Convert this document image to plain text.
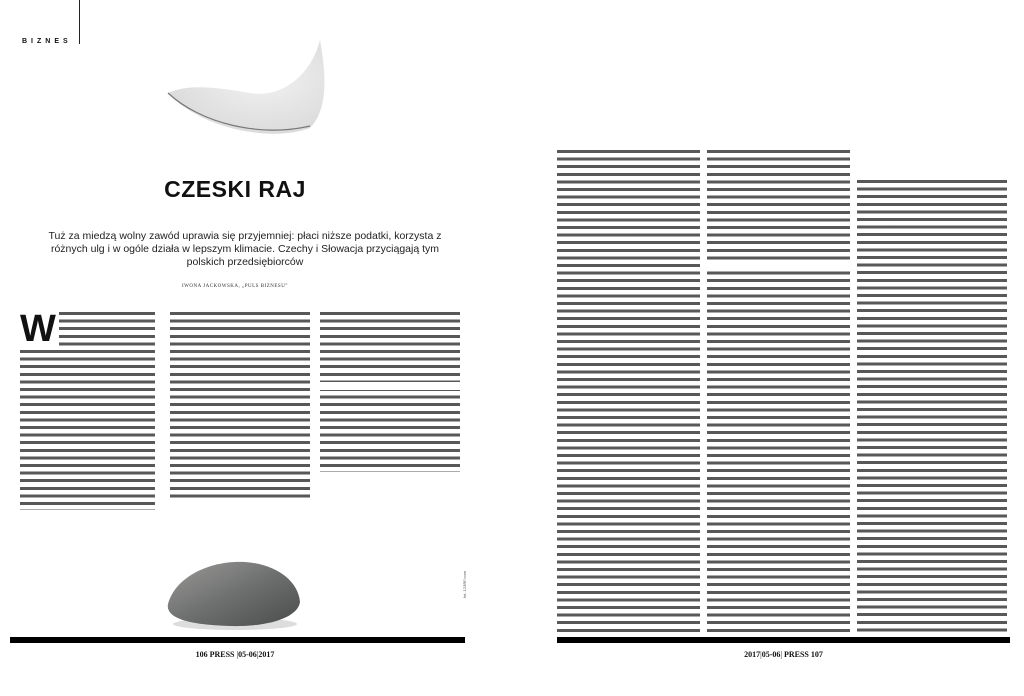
BIZNES
CZESKI RAJ
Tuż za miedzą wolny zawód uprawia się przyjemniej: płaci niższe podatki, korzysta z różnych ulg i w ogóle działa w lepszym klimacie. Czechy i Słowacja przyciągają tym polskich przedsiębiorców
IWONA JACKOWSKA, „PULS BIZNESU”
W
fot. 123RF.com
106 PRESS |05-06|2017	2017|05-06| PRESS 107
